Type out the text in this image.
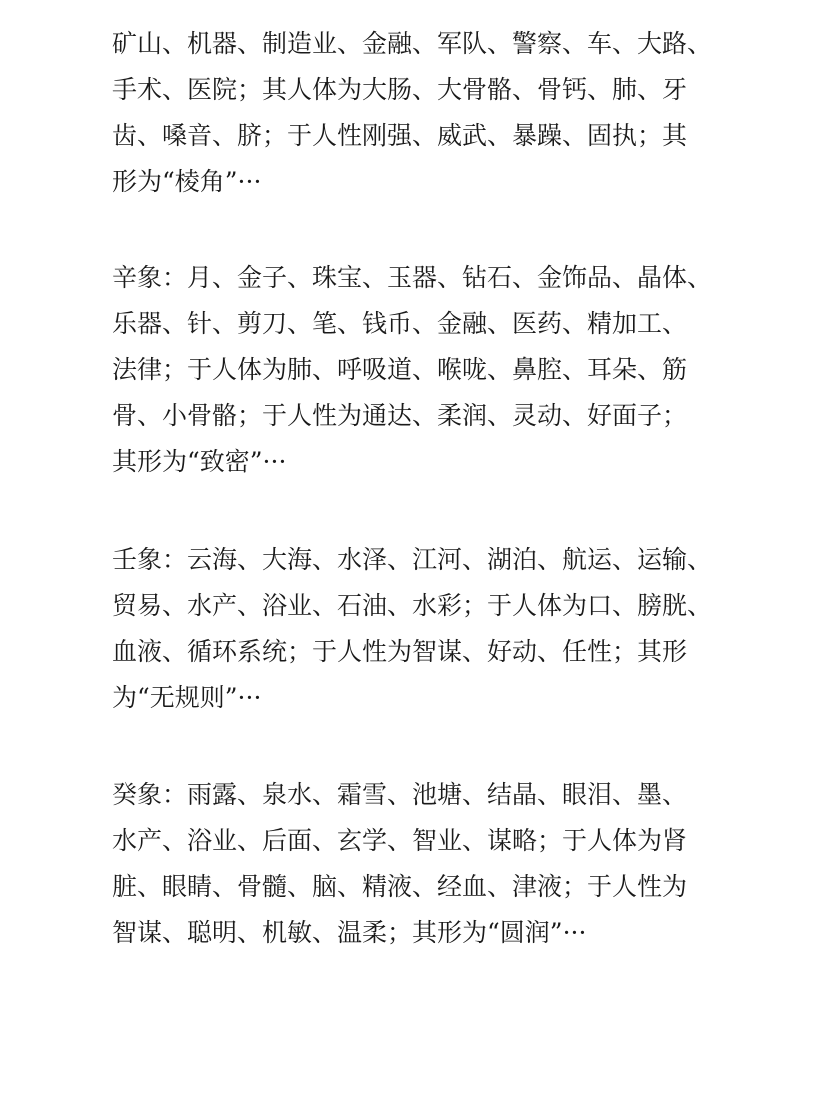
矿山、机器、制造业、金融、军队、警察、车、大路、
手术、医院；其人体为大肠、大骨骼、骨钙、肺、牙
齿、嗓音、脐；于人性刚强、威武、暴躁、固执；其
形为“棱角”···
辛象：月、金子、珠宝、玉器、钻石、金饰品、晶体、
乐器、针、剪刀、笔、钱币、金融、医药、精加工、
法律；于人体为肺、呼吸道、喉咙、鼻腔、耳朵、筋
骨、小骨骼；于人性为通达、柔润、灵动、好面子；
其形为“致密”···
壬象：云海、大海、水泽、江河、湖泊、航运、运输、
贸易、水产、浴业、石油、水彩；于人体为口、膀胱、
血液、循环系统；于人性为智谋、好动、任性；其形
为“无规则”···
癸象：雨露、泉水、霜雪、池塘、结晶、眼泪、墨、
水产、浴业、后面、玄学、智业、谋略；于人体为肾
脏、眼睛、骨髓、脑、精液、经血、津液；于人性为
智谋、聪明、机敏、温柔；其形为“圆润”···
